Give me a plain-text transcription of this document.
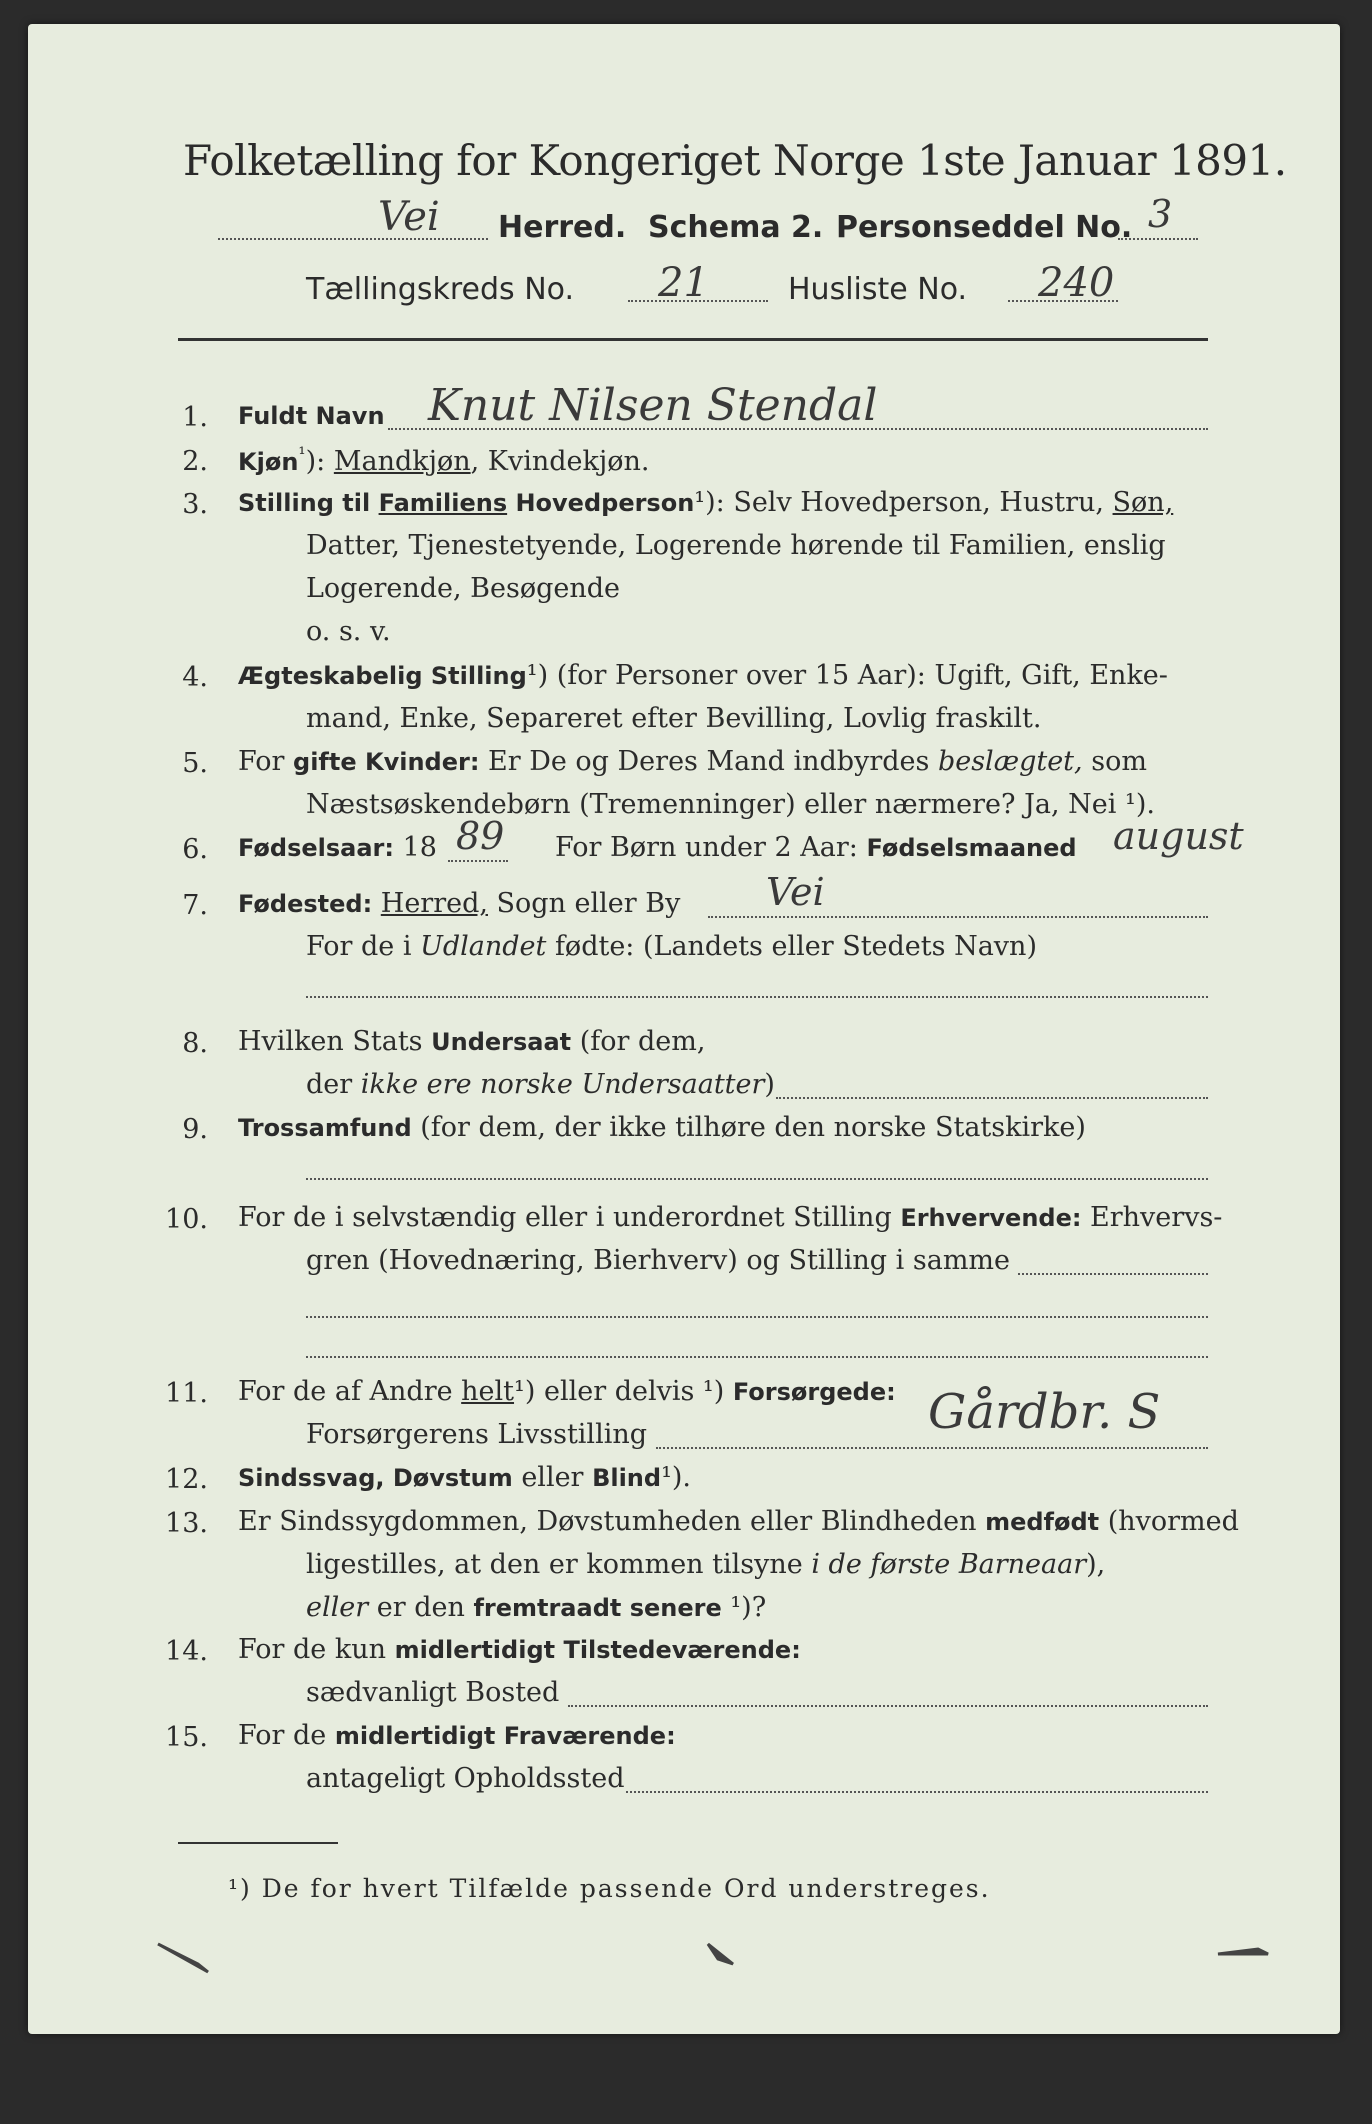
Folketælling for Kongeriget Norge 1ste Januar 1891.
Vei Herred. Schema 2. Personseddel No. 3
Tællingskreds No. 21	Husliste No. 240
1. Fuldt Navn Knut Nilsen Stendal
2. Kjøn$^{^1}$): Mandkjøn, Kvindekjøn.
3. Stilling til Familiens Hovedperson¹): Selv Hovedperson, Hustru, Søn,
Datter, Tjenestetyende, Logerende hørende til Familien, enslig
Logerende, Besøgende
o. s. v.
4. Ægteskabelig Stilling¹) (for Personer over 15 Aar): Ugift, Gift, Enke-
mand, Enke, Separeret efter Bevilling, Lovlig fraskilt.
5. For gifte Kvinder: Er De og Deres Mand indbyrdes beslægtet, som
Næstsøskendebørn (Tremenninger) eller nærmere? Ja, Nei ¹).
6. Fødselsaar: 18 89 For Børn under 2 Aar: Fødselsmaaned august
7. Fødested: Herred, Sogn eller By Vei
For de i Udlandet fødte: (Landets eller Stedets Navn)
8. Hvilken Stats Undersaat (for dem,
der ikke ere norske Undersaatter)
9. Trossamfund (for dem, der ikke tilhøre den norske Statskirke)
10. For de i selvstændig eller i underordnet Stilling Erhvervende: Erhvervs-
gren (Hovednæring, Bierhverv) og Stilling i samme
11. For de af Andre helt¹) eller delvis ¹) Forsørgede:
Forsørgerens Livsstilling	Gårdbr. S
12. Sindssvag, Døvstum eller Blind¹).
13. Er Sindssygdommen, Døvstumheden eller Blindheden medfødt (hvormed
ligestilles, at den er kommen tilsyne i de første Barneaar),
eller er den fremtraadt senere ¹)?
14. For de kun midlertidigt Tilstedeværende:
sædvanligt Bosted
15. For de midlertidigt Fraværende:
antageligt Opholdssted
¹) De for hvert Tilfælde passende Ord understreges.
